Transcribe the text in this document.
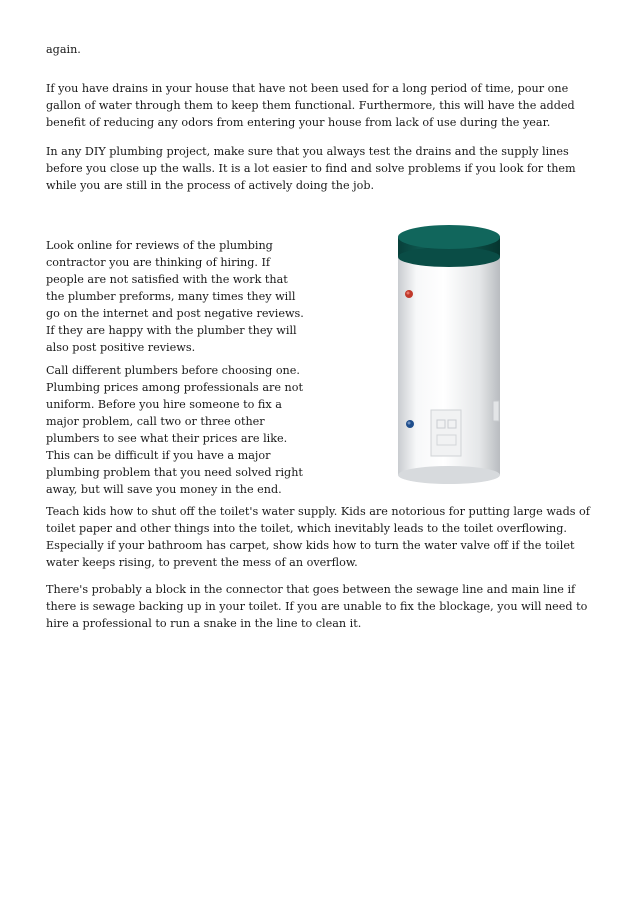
again.

If you have drains in your house that have not been used for a long period of time, pour one gallon of water through them to keep them functional. Furthermore, this will have the added benefit of reducing any odors from entering your house from lack of use during the year.

In any DIY plumbing project, make sure that you always test the drains and the supply lines before you close up the walls. It is a lot easier to find and solve problems if you look for them while you are still in the process of actively doing the job.

Look online for reviews of the plumbing contractor you are thinking of hiring. If people are not satisfied with the work that the plumber preforms, many times they will go on the internet and post negative reviews. If they are happy with the plumber they will also post positive reviews.

Call different plumbers before choosing one. Plumbing prices among professionals are not uniform. Before you hire someone to fix a major problem, call two or three other plumbers to see what their prices are like. This can be difficult if you have a major plumbing problem that you need solved right away, but will save you money in the end.

Teach kids how to shut off the toilet's water supply. Kids are notorious for putting large wads of toilet paper and other things into the toilet, which inevitably leads to the toilet overflowing. Especially if your bathroom has carpet, show kids how to turn the water valve off if the toilet water keeps rising, to prevent the mess of an overflow.

There's probably a block in the connector that goes between the sewage line and main line if there is sewage backing up in your toilet. If you are unable to fix the blockage, you will need to hire a professional to run a snake in the line to clean it.
